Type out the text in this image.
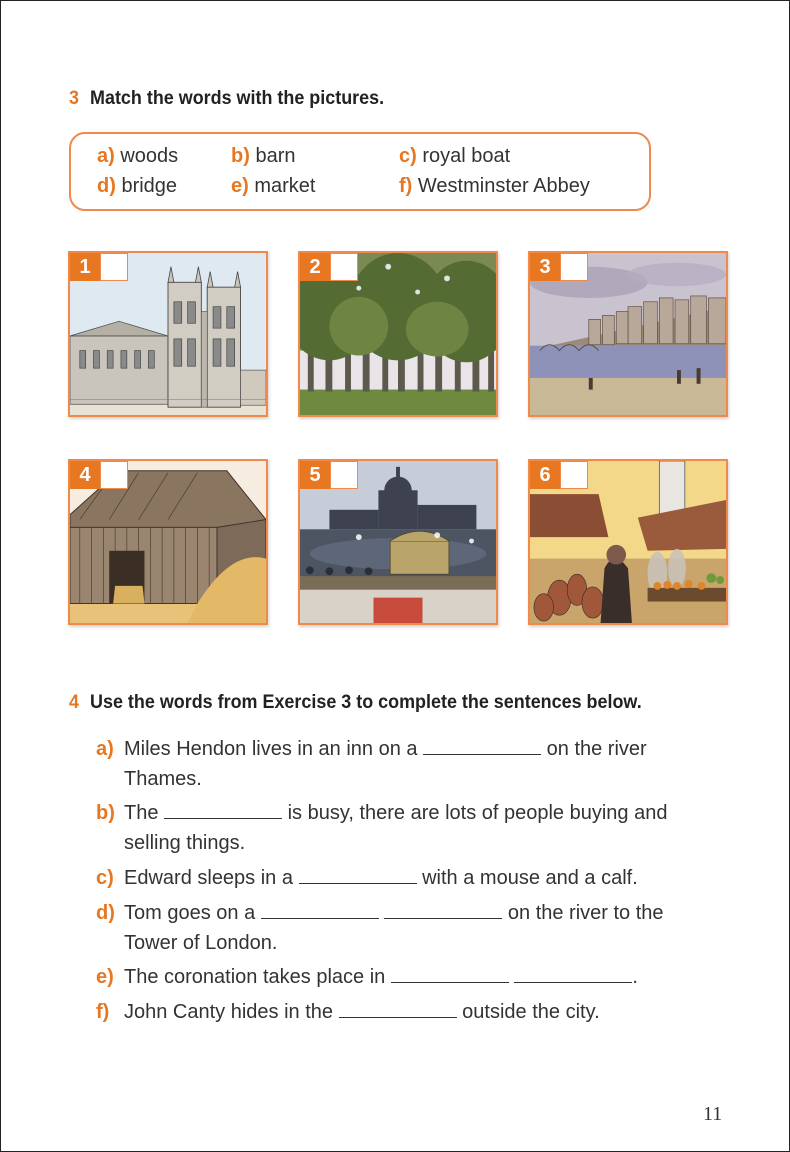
3 Match the words with the pictures.
a) woods	b) barn	c) royal boat
d) bridge	e) market	f) Westminster Abbey
1	2	3
4	5	6
4 Use the words from Exercise 3 to complete the sentences below.
a) Miles Hendon lives in an inn on a	on the river
Thames.
b) The	is busy, there are lots of people buying and
selling things.
c) Edward sleeps in a	with a mouse and a calf.
d) Tom goes on a	on the river to the
Tower of London.
e) The coronation takes place in	.
f) John Canty hides in the	outside the city.
11
